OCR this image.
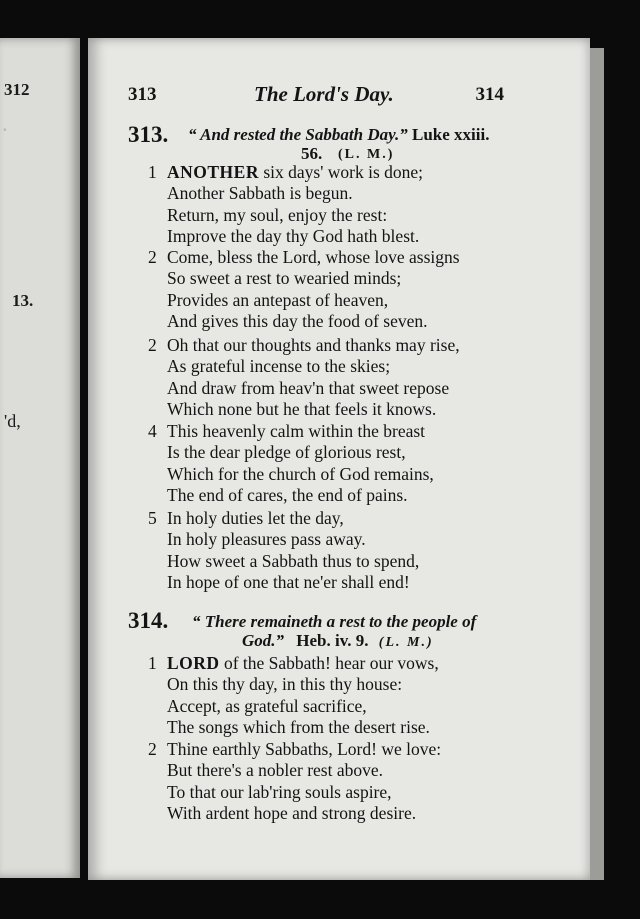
312
·
13.
'd,
313	The Lord's Day.	314
313. “ And rested the Sabbath Day.” Luke xxiii.
56. (L. M.)
1 ANOTHER six days' work is done;
Another Sabbath is begun.
Return, my soul, enjoy the rest:
Improve the day thy God hath blest.
2 Come, bless the Lord, whose love assigns
So sweet a rest to wearied minds;
Provides an antepast of heaven,
And gives this day the food of seven.
2 Oh that our thoughts and thanks may rise,
As grateful incense to the skies;
And draw from heav'n that sweet repose
Which none but he that feels it knows.
4 This heavenly calm within the breast
Is the dear pledge of glorious rest,
Which for the church of God remains,
The end of cares, the end of pains.
5 In holy duties let the day,
In holy pleasures pass away.
How sweet a Sabbath thus to spend,
In hope of one that ne'er shall end!
314. “ There remaineth a rest to the people of
God.” Heb. iv. 9. (L. M.)
1 LORD of the Sabbath! hear our vows,
On this thy day, in this thy house:
Accept, as grateful sacrifice,
The songs which from the desert rise.
2 Thine earthly Sabbaths, Lord! we love:
But there's a nobler rest above.
To that our lab'ring souls aspire,
With ardent hope and strong desire.
